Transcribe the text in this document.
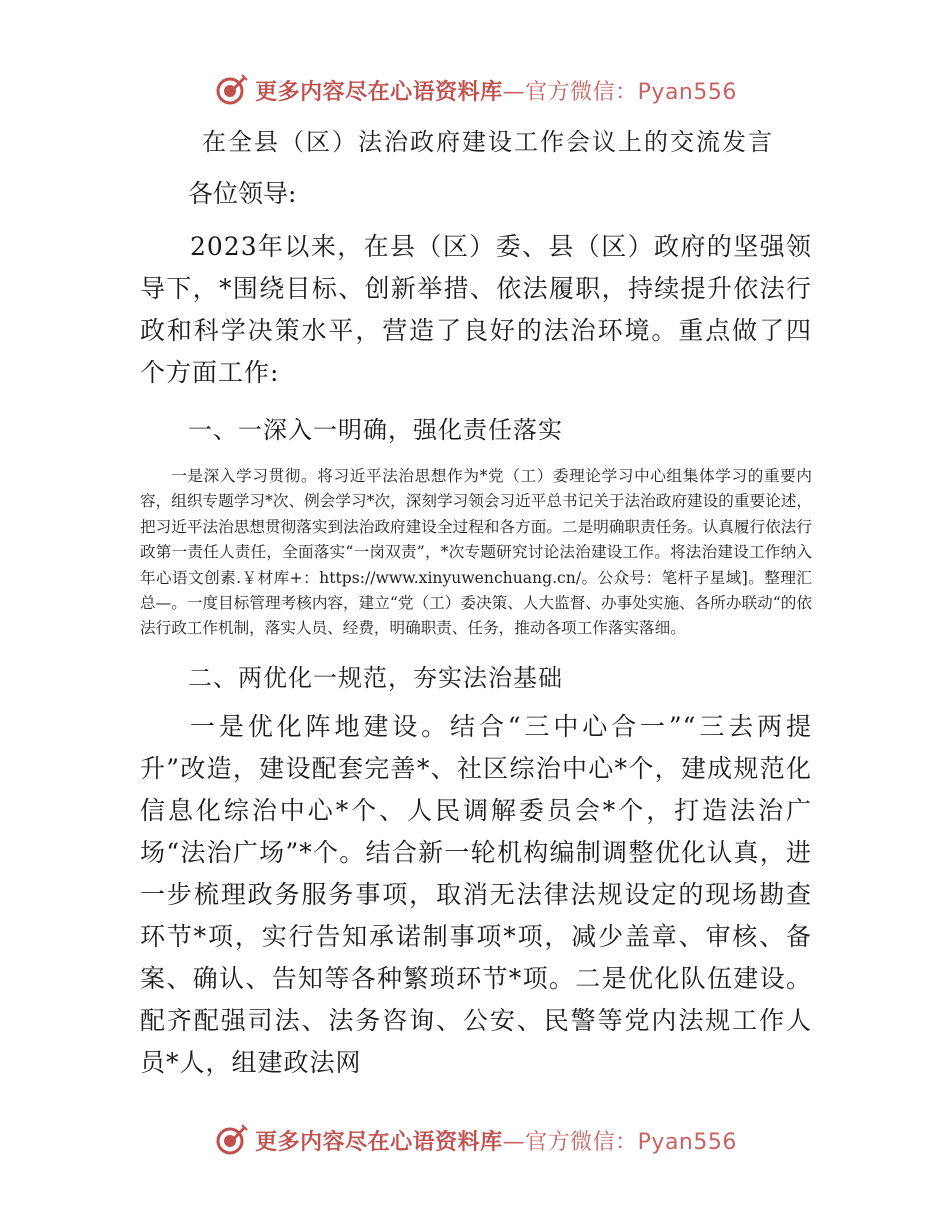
更多内容尽在心语资料库—官方微信：Pyan556
在全县（区）法治政府建设工作会议上的交流发言

各位领导:

2023年以来，在县（区）委、县（区）政府的坚强领导下，*围绕目标、创新举措、依法履职，持续提升依法行政和科学决策水平，营造了良好的法治环境。重点做了四个方面工作:

一、一深入一明确，强化责任落实

一是深入学习贯彻。将习近平法治思想作为*党（工）委理论学习中心组集体学习的重要内容，组织专题学习*次、例会学习*次，深刻学习领会习近平总书记关于法治政府建设的重要论述，把习近平法治思想贯彻落实到法治政府建设全过程和各方面。二是明确职责任务。认真履行依法行政第一责任人责任，全面落实“一岗双责”，*次专题研究讨论法治建设工作。将法治建设工作纳入年心语文创素.￥材库+：https://www.xinyuwenchuang.cn/。公众号：笔杆子星域]。整理汇总—。一度目标管理考核内容，建立“党（工）委决策、人大监督、办事处实施、各所办联动“的依法行政工作机制，落实人员、经费，明确职责、任务，推动各项工作落实落细。

二、两优化一规范，夯实法治基础

一是优化阵地建设。结合“三中心合一”“三去两提升”改造，建设配套完善*、社区综治中心*个，建成规范化信息化综治中心*个、人民调解委员会*个，打造法治广场“法治广场”*个。结合新一轮机构编制调整优化认真，进一步梳理政务服务事项，取消无法律法规设定的现场勘查环节*项，实行告知承诺制事项*项，减少盖章、审核、备案、确认、告知等各种繁琐环节*项。二是优化队伍建设。配齐配强司法、法务咨询、公安、民警等党内法规工作人员*人，组建政法网

更多内容尽在心语资料库—官方微信：Pyan556
